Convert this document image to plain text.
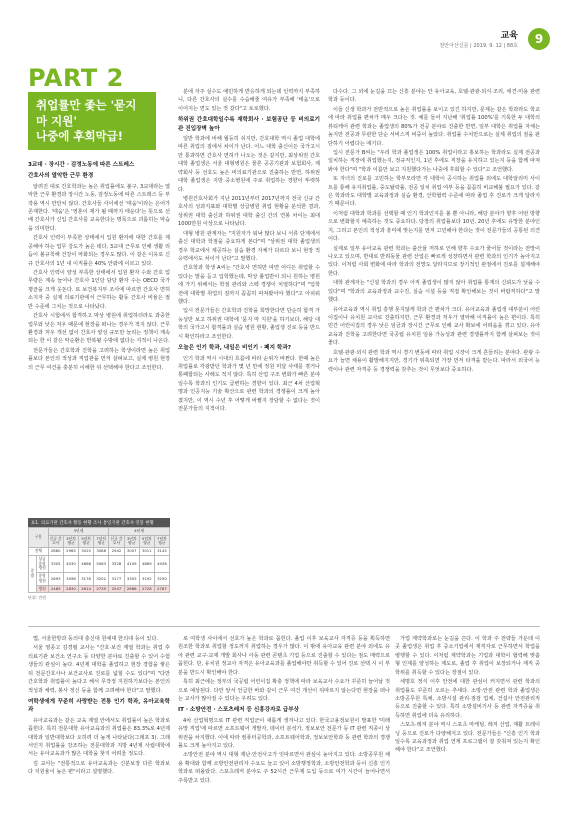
교육
천안아산신문 | 2019. 9. 12 | 88호	9
PART 2
취업률만 좇는 '묻지 마 지원'
나중에 후회막급!
3교대 · 장시간 · 감정노동에 따른 스트레스
간호사의 열악한 근무 환경

알려진 대로 간호학과는 높은 취업률에도 불구, 3교대라는 열악한 근무 환경과 장시간 노동, 감정노동에 따른 스트레스 등 부작용 역시 만만치 않다. 간호사들 사이에선 '태움'이라는 은어가 존재한다. '태움'은 '영혼이 재가 될 때까지 태운다'는 뜻으로 선배 간호사가 신입 간호사를 교육한다는 명목으로 괴롭히는 악습을 의미한다.

간호사 인력이 부족한 상태에서 입원 환자에 대한 간호를 제공해야 하는 업무 강도가 높은 데다, 3교대 근무로 인해 생활 리듬이 불규칙해 건강이 악화되는 경우도 많다. 이 같은 이유로 신규 간호사의 1년 내 이직률은 40% 안팎에 이르고 있다.

간호사 인력이 양성 부족한 상태에서 입원 환자 수와 간호 업무량은 계속 늘어나 간호사 1인당 담당 환자 수는 OECD 국가 평균을 크게 웃돈다. 또 보건복지부 조사에 따르면 간호사 면허 소지자 중 실제 의료기관에서 근무하는 활동 간호사 비율은 절반 수준에 그치는 것으로 나타났다.

간호사 시험에서 합격하고 막상 병원에 취업하더라도 과중한 업무와 낮은 처우 때문에 현장을 떠나는 경우가 적지 않다. 근무 환경과 처우 개선 없이 간호사 양성 규모만 늘리는 정책이 계속되는 한 이 같은 악순환은 반복될 수밖에 없다는 지적이 나온다.

전문가들은 간호학과 진학을 고려하는 학생이라면 높은 취업률보다 본인의 적성과 직업관을 먼저 살펴보고, 실제 병원 현장의 근무 여건을 충분히 이해한 뒤 선택해야 한다고 조언한다.

표1. 의료기관 간호사 활동 현황 조사 통일기관 간호사 연봉 현황
구분		3년제				4년제			
		신규 간호사	3년차 평균	5년차 평균	7년차 평균	신규 간호사	3년차 평균	5년차 평균	7년차 평균
전체		2880	2965	3025	3088	2942	3007	3011	3145
종별	상급종합병원	3305	4030	4666	5063	3328	4109	4869	4938
	종합병원	2693	3096	3176	3202	3177	3303	3192	3250
	병원	2485	2830	2614	2735	2547	2668	2728	2787
단위: 만원

분에 자주 실수도 예민하게 반응하게 되는데 인력까지 부족하니, 다른 간호사의 실수를 수습해줄 여유가 부족해 '태움'으로 이어지는 면도 있는 것 같다"고 토로했다.

하위권 간호대학일수록 재학회사 · 보험공단 등 비의료기관 진입장벽 높아

일반 학과에 비해 월등히 쉬지만, 간호대학 역시 졸업 대학에 따른 취업의 질에서 차이가 난다. 어느 대학 출신이든 국가고시만 통과하면 간호사 면허가 나오는 것은 같지만, 최상위권 간호대학 졸업생은 서울 대형병원은 물론 공공기관과 보험회사, 제약회사 등 선호도 높은 비의료기관으로 진출하는 반면, 하위권 대학 졸업생은 지방 중소병원에 주로 취업하는 경향이 뚜렷하다.

병원간호사회가 지난 2011년부터 2017년까지 전국 신규 간호사의 성과지표와 대학별 상급병원 취업 현황을 분석한 결과, 상위권 대학 출신과 하위권 대학 출신 간의 연봉 차이는 최대 1000만원 이상으로 나타났다.

대형 병원 관계자는 "지원자가 워낙 많다 보니 서류 단계에서 출신 대학과 학점을 중요하게 본다"며 "상위권 대학 졸업생의 경우 학교에서 제공하는 실습 환경 자체가 다르다 보니 현장 적응력에서도 차이가 난다"고 말했다.

간호학과 학생 A씨는 "간호사 면허만 따면 어디든 취업할 수 있다는 말을 듣고 입학했는데, 막상 졸업반이 되니 원하는 병원에 가기 위해서는 학점 관리와 스펙 경쟁이 치열하다"며 "입학 전에 대학별 취업의 질까지 꼼꼼히 따져봤어야 했다"고 아쉬워했다.

입시 전문가들은 간호학과 진학을 희망한다면 단순히 합격 가능성만 보고 하위권 대학에 '묻지 마 지원'을 하기보다, 해당 대학의 국가고시 합격률과 실습 병원 현황, 졸업생 진로 등을 반드시 확인하라고 조언한다.

오늘은 인기 학과, 내일은 비인기 · 폐지 학과?

인기 학과 역시 시대의 흐름에 따라 순위가 바뀐다. 한때 높은 취업률로 각광받던 학과가 몇 년 만에 정원 미달 사태를 겪거나 통폐합되는 사례도 적지 않다. 특히 산업 구조 변화가 빠른 분야일수록 학과의 인기도 급변하는 경향이 있다. 최근 4차 산업혁명과 인공지능 기술 확산으로 관련 학과의 경쟁률이 크게 높아졌지만, 이 역시 수년 후 어떻게 바뀔지 장담할 수 없다는 것이 전문가들의 지적이다.

다수다. 그 외에 눈길을 끄는 신흥 분야는 안 유아교육, 호텔·관광·외식·조리, 애견·미용 관련 학과 등이다.

이들 신생 학과가 전반적으로 높은 취업률을 보이고 있긴 하지만, 문제는 같은 학과라도 학교에 따라 취업률 편차가 매우 크다는 것. 예를 들어 지난해 '취업률 100%'를 기록한 두 대학의 뷰티케어 관련 학과는 졸업생의 80%가 전공 분야로 진출한 반면, 일부 대학은 취업률 자체는 높지만 전공과 무관한 단순 서비스직 비중이 높았다. 취업률 수치만으로는 실제 취업의 질을 판단하기 어렵다는 얘기다.

입시 전문가 B씨는 "우리 학과 졸업생은 100% 취업이라고 홍보하는 학과라도 실제 전공과 일치하는 직장에 취업했는지, 정규직인지, 1년 후에도 직장을 유지하고 있는지 등을 함께 따져봐야 한다"며 "학과 이름만 보고 지원했다가는 나중에 후회할 수 있다"고 조언했다.

또 자녀의 진로를 고민하는 학부모라면 각 대학이 공시하는 취업률 외에도 대학알리미 사이트를 통해 유지취업률, 중도탈락률, 전공 일치 취업 여부 등을 꼼꼼히 비교해볼 필요가 있다. 같은 학과라도 대학별 교육과정과 실습 환경, 산학협력 수준에 따라 졸업 후 진로가 크게 달라지기 때문이다.

이처럼 대학과 학과를 선택할 때 인기 학과인지를 볼 뿐 아니라, 해당 분야가 향후 어떤 방향으로 변화할지 예측하는 것도 중요하다. 당장의 취업률보다 10년, 20년 후에도 유망한 분야인지, 그리고 본인의 적성과 흥미에 맞는지를 먼저 고민해야 한다는 것이 전문가들의 공통된 의견이다.

실제로 일부 유아교육 관련 학과는 출산율 저하로 인해 향후 수요가 줄어들 것이라는 전망이 나오고 있으며, 반대로 반려동물 관련 산업은 빠르게 성장하면서 관련 학과의 인기가 높아지고 있다. 이처럼 사회 변화에 따라 학과의 전망도 달라지므로 장기적인 관점에서 진로를 설계해야 한다.

대학 관계자는 "신설 학과의 경우 아직 졸업생이 많지 않아 취업률 통계의 신뢰도가 낮을 수 있다"며 "학과의 교육과정과 교수진, 실습 시설 등을 직접 확인해보는 것이 바람직하다"고 말했다.

유아교육과 역시 취업 흥행 못지않게 학과 간 편차가 크다. 유아교육과 졸업생 대부분이 어린이집이나 유치원 교사로 진출하지만, 근무 환경과 처우가 열악해 이직률이 높은 편이다. 특히 민간 어린이집의 경우 낮은 임금과 장시간 근무로 인해 교사 확보에 어려움을 겪고 있다. 유아교육과 진학을 고려한다면 국공립 유치원 임용 가능성과 관련 경쟁률까지 함께 살펴보는 것이 좋다.

호텔·관광·외식 관련 학과 역시 경기 변동에 따라 취업 시장이 크게 흔들리는 분야다. 관광 수요가 늘면 채용이 활발해지지만, 경기가 위축되면 가장 먼저 타격을 받는다. 따라서 외국어 능력이나 관련 자격증 등 경쟁력을 갖추는 것이 무엇보다 중요하다.

법, 서울한방과 동의대 충신대 원예대 한의대 등이 있다.

서울 영종고 김경렬 교사는 "간호·보건 계열 학과는 취업 후 의료기관 보건소 연구소 등 다양한 분야로 진출할 수 있어 수험생들의 관심이 높다. 4년제 대학을 졸업하고 현장 경험을 쌓은 뒤 전문간호사나 보건교사로 진로를 넓힐 수도 있다"며 "다만 간호학과 취업률이 높다고 해서 무작정 지원하기보다는 본인의 적성과 체력, 봉사 정신 등을 함께 고려해야 한다"고 말했다.

여학생에게 꾸준히 사랑받는 전통 인기 학과, 유아교육학과

유아교육과는 같은 교육 계열 안에서도 취업률이 높은 학과로 꼽힌다. 특히 전문대학 유아교육과의 취업률은 83.3%로 4년제 대학과 일반대학보다 오히려 더 높게 나타났다(그래프 3). 그래서인지 취업률을 강조하는 전문대학과 지방 4년제 사립대학에서는 유아교육과가 많은 대학을 찾지 어려울 정도다.

김 교사는 "전통적으로 유아교육과는 신분보장 다른 학과보다 지원율이 높은 편"이라고 설명했다.

로 여학생 사이에서 선호가 높은 학과로 꼽힌다. 졸업 이후 보육교사 자격증 등을 획득하면 원조한 학과로 취업할 정도까지 취업하는 경우가 많다. 이 밖에 유아교육 관련 분야 외에도 유아 관련 교구·교재 개발 회사나 아동 관련 콘텐츠 기업 등으로 진출할 수 있다는 점도 매력으로 꼽힌다. 단, 유치원 정교사 자격은 유아교육과를 졸업해야만 취득할 수 있어 진로 선택 시 이 부분을 반드시 확인해야 한다.

특히 최근에는 정부의 국공립 어린이집 확충 정책에 따라 보육교사 수요가 꾸준히 늘어날 것으로 예상된다. 다만 앞서 언급한 바와 같이 근무 여건 개선이 뒤따르지 않는다면 현장을 떠나는 교사가 많아질 수 있다는 우려도 있다.

IT · 소방안전 · 스포츠레저 등 신흥강자로 급부상

4차 산업혁명으로 IT 관련 직업군이 새롭게 생겨나고 있다. 한국고용정보원이 발표한 '미래 유망 직업'에 따르면 소프트웨어 개발자, 데이터 분석가, 정보보안 전문가 등 IT 관련 직종이 상위권을 차지했다. 이에 따라 컴퓨터공학과, 소프트웨어학과, 정보보안학과 등 관련 학과의 경쟁률도 크게 높아지고 있다.

소방안전 분야 역시 대형 재난·안전사고가 잇따르면서 관심이 높아지고 있다. 소방공무원 채용 확대와 함께 소방안전관리자 수요도 늘고 있어 소방행정학과, 소방안전학과 등이 신흥 인기 학과로 떠올랐다. 스포츠레저 분야도 주 52시간 근무제 도입 등으로 여가 시간이 늘어나면서 주목받고 있다.

가업 계약학과로는 눈길을 끈다. 이 학과 주 전략들 가운데 이곳 졸업생은 취업 후 중소기업에서 재직자로 근무하면서 학업을 병행할 수 있다. 이처럼 계약학과는 기업과 대학이 협력해 맞춤형 인재를 양성하는 제도로, 졸업 후 취업이 보장되거나 재직 중 학위를 취득할 수 있다는 장점이 있다.

세명호 정식 이후 안전에 대한 관심이 커지면서 관련 학과의 취업률도 꾸준히 오르는 추세다. 소방·안전 관련 학과 졸업생은 소방공무원 특채, 소방시설 관리·점검 업체, 건설사 안전관리직 등으로 진출할 수 있다. 특히 소방설비기사 등 관련 자격증을 취득하면 취업에 더욱 유리하다.

스포츠·레저 분야 역시 스포츠 마케팅, 레저 산업, 재활 트레이닝 등으로 진로가 다양해지고 있다. 전문가들은 "신흥 인기 학과일수록 교육과정과 취업 연계 프로그램이 잘 갖춰져 있는지 확인해야 한다"고 조언했다.
